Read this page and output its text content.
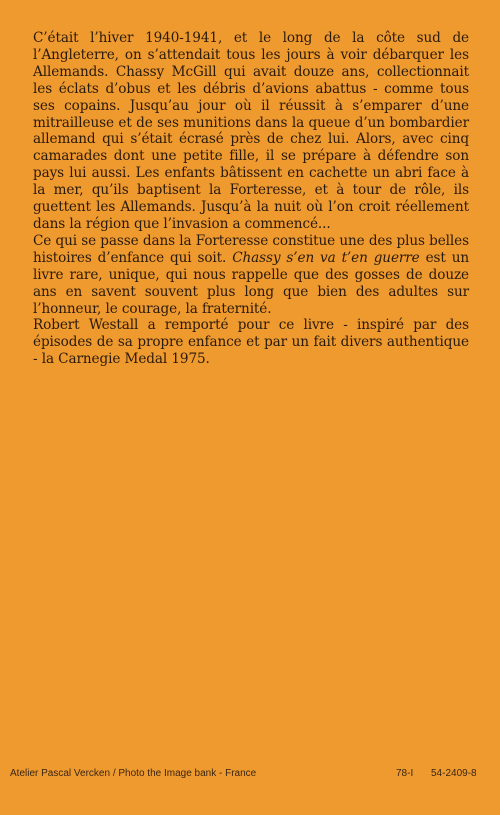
C’était l’hiver 1940-1941, et le long de la côte sud de l’Angleterre, on s’attendait tous les jours à voir débarquer les Allemands. Chassy McGill qui avait douze ans, collectionnait les éclats d’obus et les débris d’avions abattus - comme tous ses copains. Jusqu’au jour où il réussit à s’emparer d’une mitrailleuse et de ses munitions dans la queue d’un bombardier allemand qui s’était écrasé près de chez lui. Alors, avec cinq camarades dont une petite fille, il se prépare à défendre son pays lui aussi. Les enfants bâtissent en cachette un abri face à la mer, qu’ils baptisent la Forteresse, et à tour de rôle, ils guettent les Allemands. Jusqu’à la nuit où l’on croit réellement dans la région que l’invasion a commencé...

Ce qui se passe dans la Forteresse constitue une des plus belles histoires d’enfance qui soit. Chassy s’en va t’en guerre est un livre rare, unique, qui nous rappelle que des gosses de douze ans en savent souvent plus long que bien des adultes sur l’honneur, le courage, la fraternité.

Robert Westall a remporté pour ce livre - inspiré par des épisodes de sa propre enfance et par un fait divers authentique - la Carnegie Medal 1975.

Atelier Pascal Vercken / Photo the Image bank - France	78-I 54-2409-8
